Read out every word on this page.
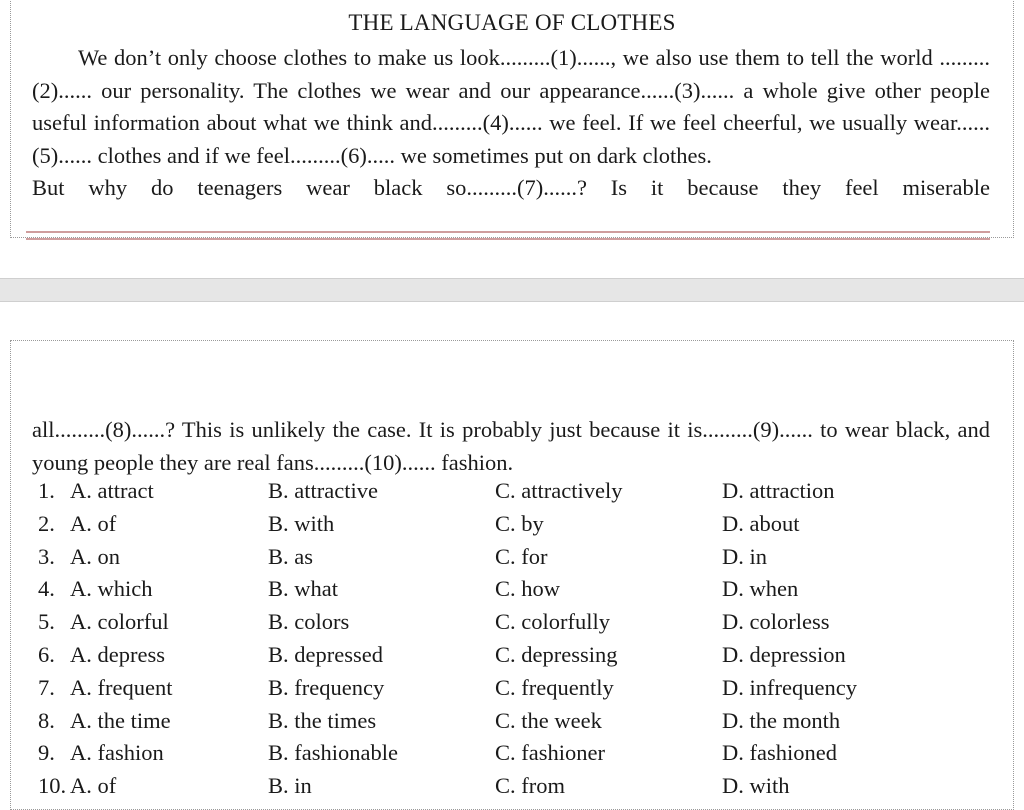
THE LANGUAGE OF CLOTHES
We don’t only choose clothes to make us look.........(1)......, we also use them to tell the world .........(2)...... our personality. The clothes we wear and our appearance......(3)...... a whole give other people useful information about what we think and.........(4)...... we feel. If we feel cheerful, we usually wear......(5)...... clothes and if we feel.........(6)..... we sometimes put on dark clothes.
But why do teenagers wear black so.........(7)......? Is it because they feel miserable
all.........(8)......? This is unlikely the case. It is probably just because it is.........(9)...... to wear black, and young people they are real fans.........(10)...... fashion.
1. A. attract	B. attractive	C. attractively	D. attraction
2. A. of	B. with	C. by	D. about
3. A. on	B. as	C. for	D. in
4. A. which	B. what	C. how	D. when
5. A. colorful	B. colors	C. colorfully	D. colorless
6. A. depress	B. depressed	C. depressing	D. depression
7. A. frequent	B. frequency	C. frequently	D. infrequency
8. A. the time	B. the times	C. the week	D. the month
9. A. fashion	B. fashionable	C. fashioner	D. fashioned
10. A. of	B. in	C. from	D. with
